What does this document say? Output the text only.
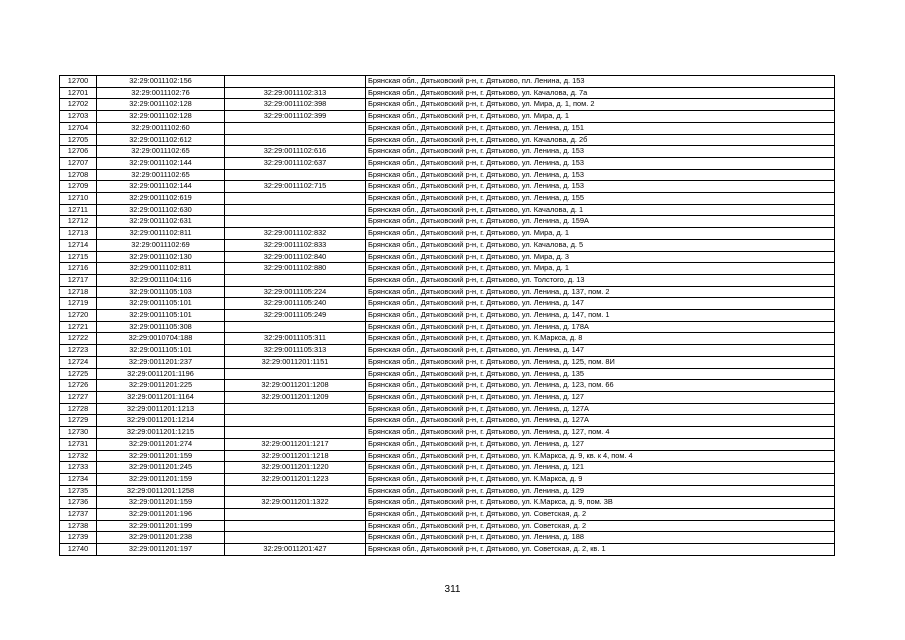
12700	32:29:0011102:156		Брянская обл., Дятьковский р-н, г. Дятьково, пл. Ленина, д. 153
12701	32:29:0011102:76	32:29:0011102:313	Брянская обл., Дятьковский р-н, г. Дятьково, ул. Качалова, д. 7а
12702	32:29:0011102:128	32:29:0011102:398	Брянская обл., Дятьковский р-н, г. Дятьково, ул. Мира, д. 1, пом. 2
12703	32:29:0011102:128	32:29:0011102:399	Брянская обл., Дятьковский р-н, г. Дятьково, ул. Мира, д. 1
12704	32:29:0011102:60		Брянская обл., Дятьковский р-н, г. Дятьково, ул. Ленина, д. 151
12705	32:29:0011102:612		Брянская обл., Дятьковский р-н, г. Дятьково, ул. Качалова, д. 2б
12706	32:29:0011102:65	32:29:0011102:616	Брянская обл., Дятьковский р-н, г. Дятьково, ул. Ленина, д. 153
12707	32:29:0011102:144	32:29:0011102:637	Брянская обл., Дятьковский р-н, г. Дятьково, ул. Ленина, д. 153
12708	32:29:0011102:65		Брянская обл., Дятьковский р-н, г. Дятьково, ул. Ленина, д. 153
12709	32:29:0011102:144	32:29:0011102:715	Брянская обл., Дятьковский р-н, г. Дятьково, ул. Ленина, д. 153
12710	32:29:0011102:619		Брянская обл., Дятьковский р-н, г. Дятьково, ул. Ленина, д. 155
12711	32:29:0011102:630		Брянская обл., Дятьковский р-н, г. Дятьково, ул. Качалова, д. 1
12712	32:29:0011102:631		Брянская обл., Дятьковский р-н, г. Дятьково, ул. Ленина, д. 159А
12713	32:29:0011102:811	32:29:0011102:832	Брянская обл., Дятьковский р-н, г. Дятьково, ул. Мира, д. 1
12714	32:29:0011102:69	32:29:0011102:833	Брянская обл., Дятьковский р-н, г. Дятьково, ул. Качалова, д. 5
12715	32:29:0011102:130	32:29:0011102:840	Брянская обл., Дятьковский р-н, г. Дятьково, ул. Мира, д. 3
12716	32:29:0011102:811	32:29:0011102:880	Брянская обл., Дятьковский р-н, г. Дятьково, ул. Мира, д. 1
12717	32:29:0011104:116		Брянская обл., Дятьковский р-н, г. Дятьково, ул. Толстого, д. 13
12718	32:29:0011105:103	32:29:0011105:224	Брянская обл., Дятьковский р-н, г. Дятьково, ул. Ленина, д. 137, пом. 2
12719	32:29:0011105:101	32:29:0011105:240	Брянская обл., Дятьковский р-н, г. Дятьково, ул. Ленина, д. 147
12720	32:29:0011105:101	32:29:0011105:249	Брянская обл., Дятьковский р-н, г. Дятьково, ул. Ленина, д. 147, пом. 1
12721	32:29:0011105:308		Брянская обл., Дятьковский р-н, г. Дятьково, ул. Ленина, д. 178А
12722	32:29:0010704:188	32:29:0011105:311	Брянская обл., Дятьковский р-н, г. Дятьково, ул. К.Маркса, д. 8
12723	32:29:0011105:101	32:29:0011105:313	Брянская обл., Дятьковский р-н, г. Дятьково, ул. Ленина, д. 147
12724	32:29:0011201:237	32:29:0011201:1151	Брянская обл., Дятьковский р-н, г. Дятьково, ул. Ленина, д. 125, пом. 8И
12725	32:29:0011201:1196		Брянская обл., Дятьковский р-н, г. Дятьково, ул. Ленина, д. 135
12726	32:29:0011201:225	32:29:0011201:1208	Брянская обл., Дятьковский р-н, г. Дятьково, ул. Ленина, д. 123, пом. 66
12727	32:29:0011201:1164	32:29:0011201:1209	Брянская обл., Дятьковский р-н, г. Дятьково, ул. Ленина, д. 127
12728	32:29:0011201:1213		Брянская обл., Дятьковский р-н, г. Дятьково, ул. Ленина, д. 127А
12729	32:29:0011201:1214		Брянская обл., Дятьковский р-н, г. Дятьково, ул. Ленина, д. 127А
12730	32:29:0011201:1215		Брянская обл., Дятьковский р-н, г. Дятьково, ул. Ленина, д. 127, пом. 4
12731	32:29:0011201:274	32:29:0011201:1217	Брянская обл., Дятьковский р-н, г. Дятьково, ул. Ленина, д. 127
12732	32:29:0011201:159	32:29:0011201:1218	Брянская обл., Дятьковский р-н, г. Дятьково, ул. К.Маркса, д. 9, кв. к 4, пом. 4
12733	32:29:0011201:245	32:29:0011201:1220	Брянская обл., Дятьковский р-н, г. Дятьково, ул. Ленина, д. 121
12734	32:29:0011201:159	32:29:0011201:1223	Брянская обл., Дятьковский р-н, г. Дятьково, ул. К.Маркса, д. 9
12735	32:29:0011201:1258		Брянская обл., Дятьковский р-н, г. Дятьково, ул. Ленина, д. 129
12736	32:29:0011201:159	32:29:0011201:1322	Брянская обл., Дятьковский р-н, г. Дятьково, ул. К.Маркса, д. 9, пом. 3В
12737	32:29:0011201:196		Брянская обл., Дятьковский р-н, г. Дятьково, ул. Советская, д. 2
12738	32:29:0011201:199		Брянская обл., Дятьковский р-н, г. Дятьково, ул. Советская, д. 2
12739	32:29:0011201:238		Брянская обл., Дятьковский р-н, г. Дятьково, ул. Ленина, д. 188
12740	32:29:0011201:197	32:29:0011201:427	Брянская обл., Дятьковский р-н, г. Дятьково, ул. Советская, д. 2, кв. 1
311
